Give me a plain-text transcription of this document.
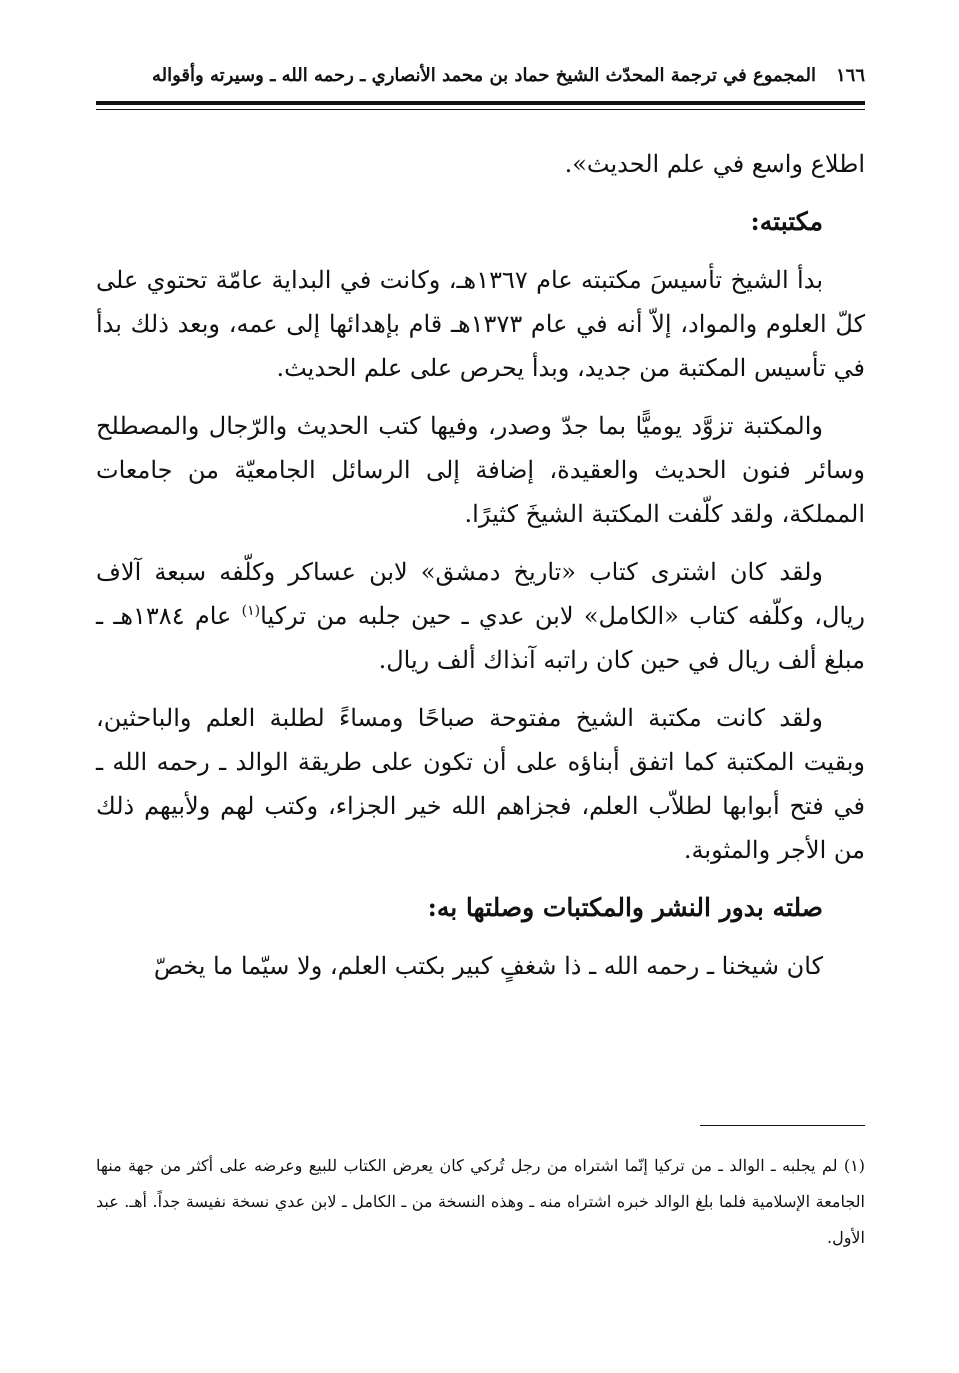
١٦٦
المجموع في ترجمة المحدّث الشيخ حماد بن محمد الأنصاري ـ رحمه الله ـ وسيرته وأقواله

اطلاع واسع في علم الحديث».

مكتبته:

بدأ الشيخ تأسيسَ مكتبته عام ١٣٦٧هـ، وكانت في البداية عامّة تحتوي على كلّ العلوم والمواد، إلاّ أنه في عام ١٣٧٣هـ قام بإهدائها إلى عمه، وبعد ذلك بدأ في تأسيس المكتبة من جديد، وبدأ يحرص على علم الحديث.

والمكتبة تزوَّد يوميًّا بما جدّ وصدر، وفيها كتب الحديث والرّجال والمصطلح وسائر فنون الحديث والعقيدة، إضافة إلى الرسائل الجامعيّة من جامعات المملكة، ولقد كلّفت المكتبة الشيخَ كثيرًا.

ولقد كان اشترى كتاب «تاريخ دمشق» لابن عساكر وكلّفه سبعة آلاف ريال، وكلّفه كتاب «الكامل» لابن عدي ـ حين جلبه من تركيا$^{(١)}$ عام ١٣٨٤هـ ـ مبلغ ألف ريال في حين كان راتبه آنذاك ألف ريال.

ولقد كانت مكتبة الشيخ مفتوحة صباحًا ومساءً لطلبة العلم والباحثين، وبقيت المكتبة كما اتفق أبناؤه على أن تكون على طريقة الوالد ـ رحمه الله ـ في فتح أبوابها لطلاّب العلم، فجزاهم الله خير الجزاء، وكتب لهم ولأبيهم ذلك من الأجر والمثوبة.

صلته بدور النشر والمكتبات وصلتها به:

كان شيخنا ـ رحمه الله ـ ذا شغفٍ كبير بكتب العلم، ولا سيّما ما يخصّ

(١) لم يجلبه ـ الوالد ـ من تركيا إنّما اشتراه من رجل تُركي كان يعرض الكتاب للبيع وعرضه على أكثر من جهة منها الجامعة الإسلامية فلما بلغ الوالد خبره اشتراه منه ـ وهذه النسخة من ـ الكامل ـ لابن عدي نسخة نفيسة جداً. أهـ. عبد الأول.
